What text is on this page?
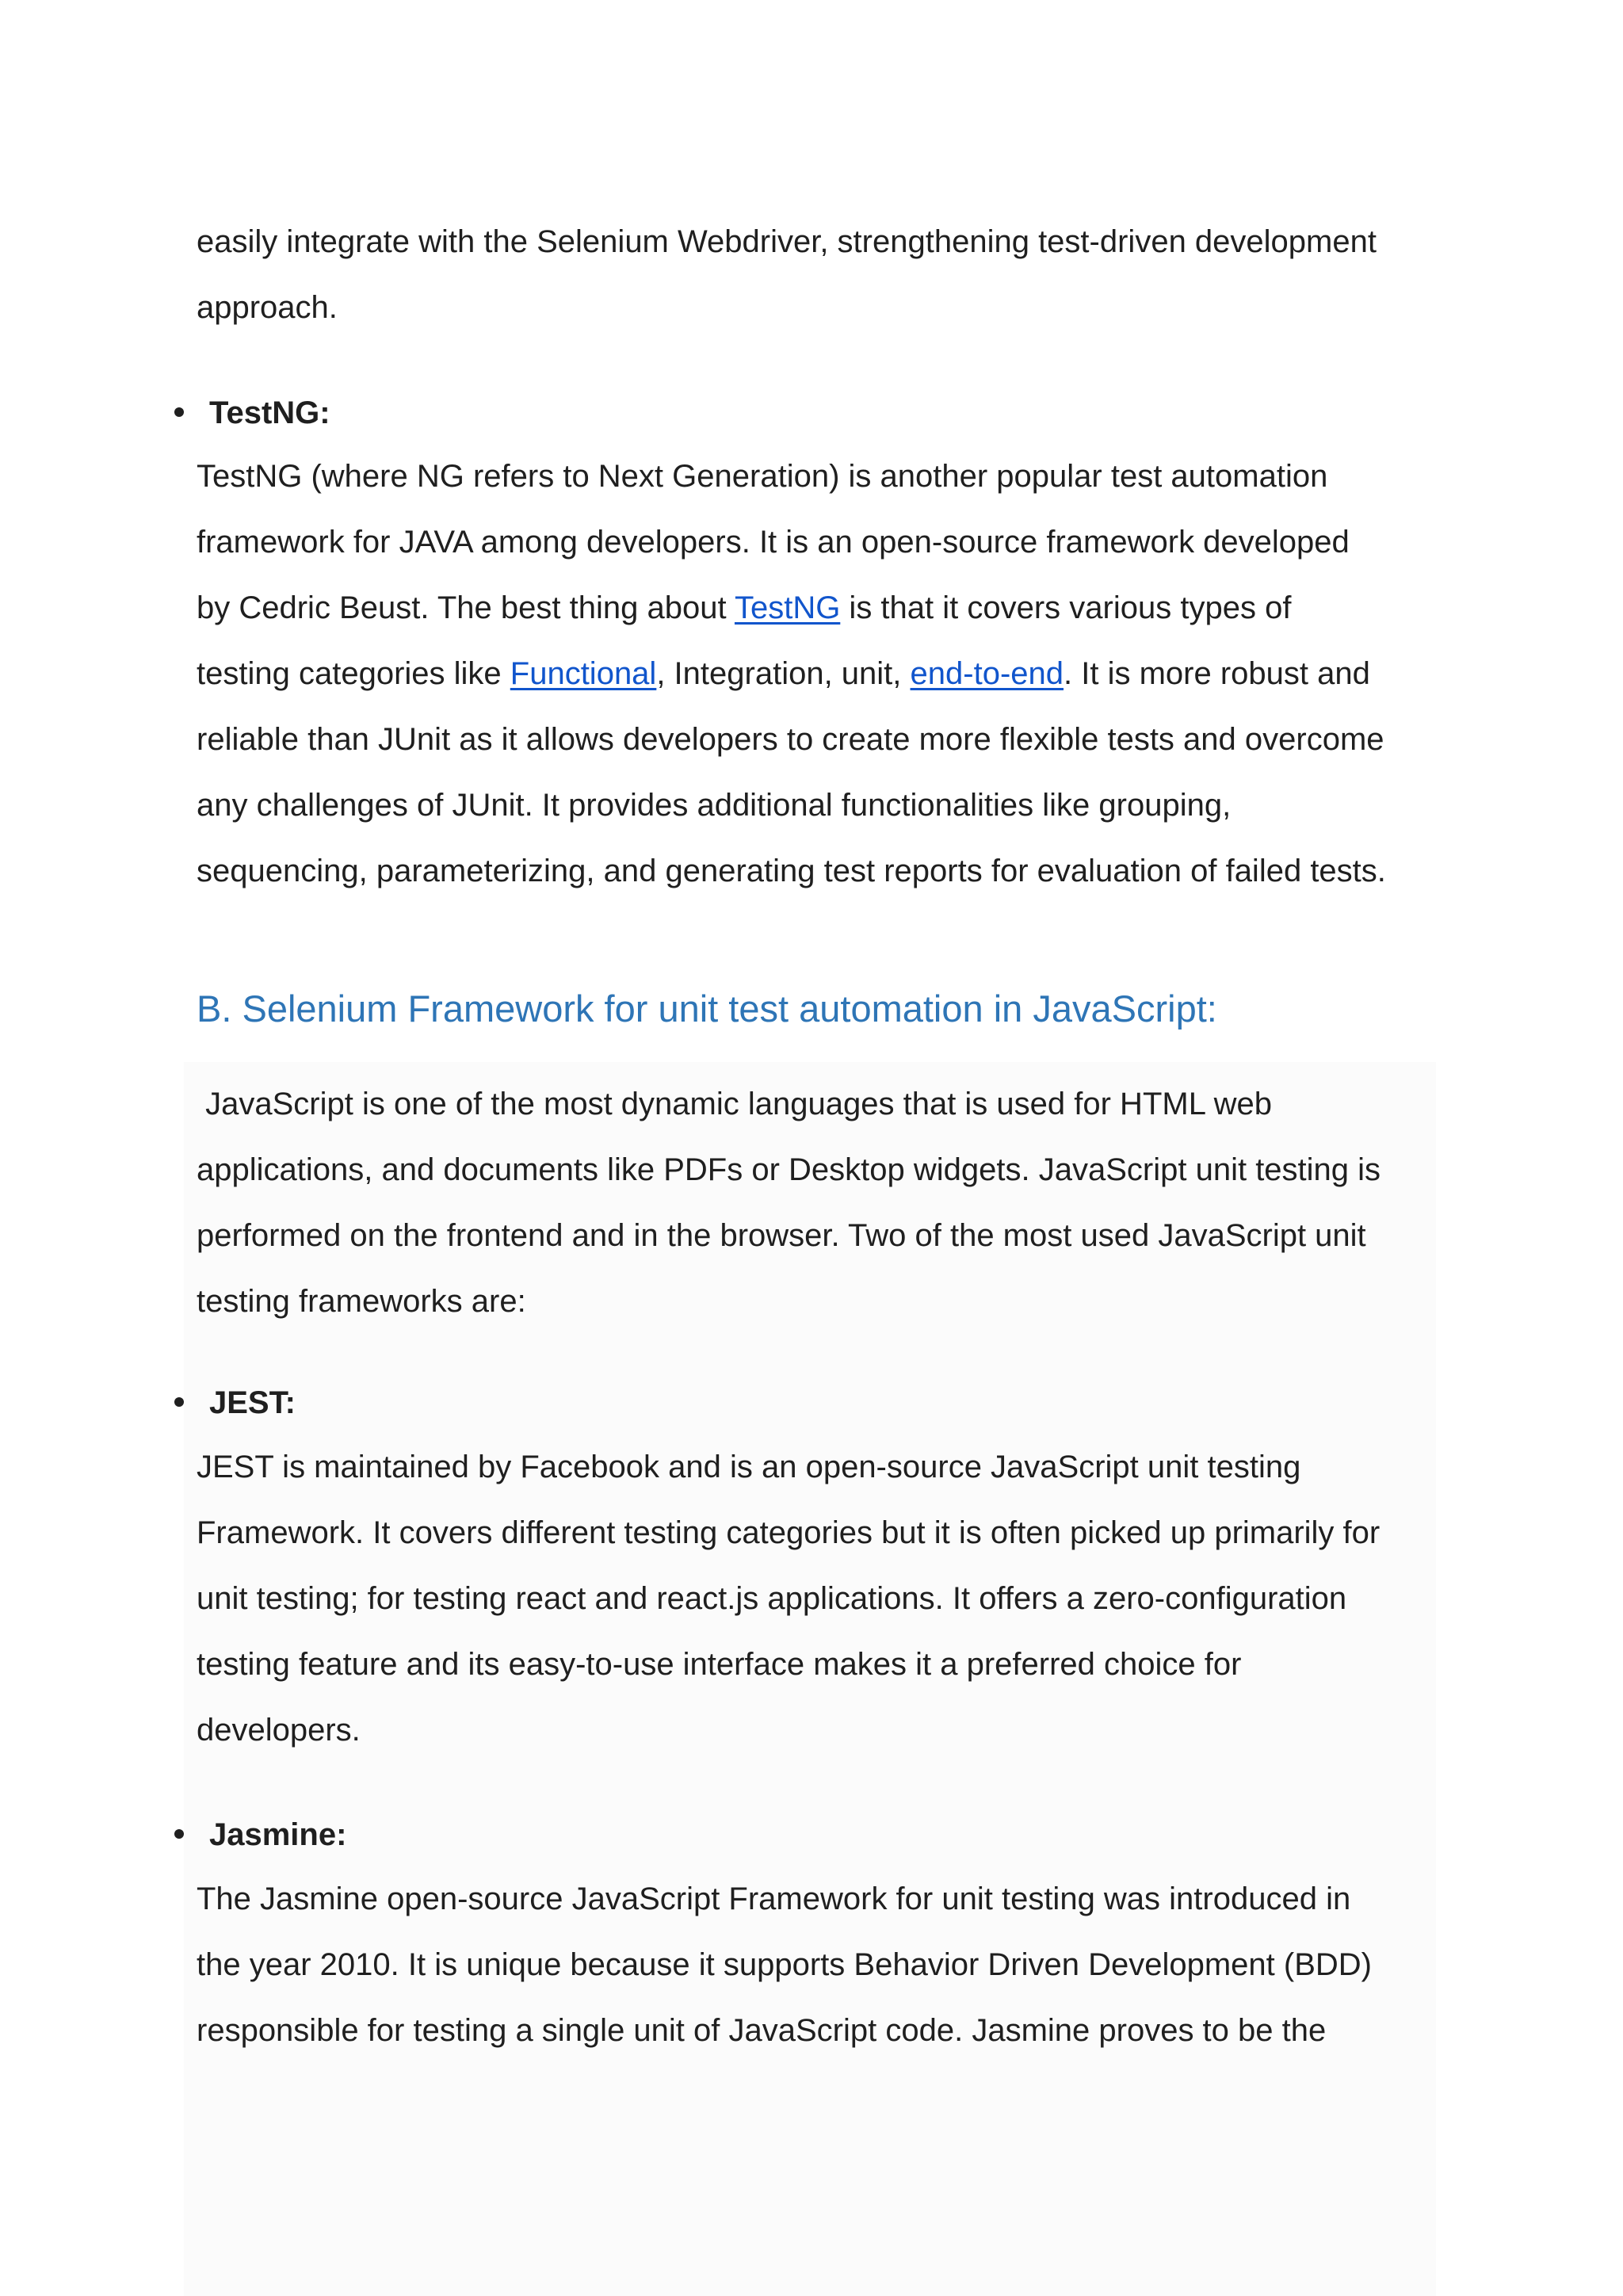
easily integrate with the Selenium Webdriver, strengthening test-driven development
approach.
TestNG:
TestNG (where NG refers to Next Generation) is another popular test automation
framework for JAVA among developers. It is an open-source framework developed
by Cedric Beust. The best thing about TestNG is that it covers various types of
testing categories like Functional, Integration, unit, end-to-end. It is more robust and
reliable than JUnit as it allows developers to create more flexible tests and overcome
any challenges of JUnit. It provides additional functionalities like grouping,
sequencing, parameterizing, and generating test reports for evaluation of failed tests.
B. Selenium Framework for unit test automation in JavaScript:
JavaScript is one of the most dynamic languages that is used for HTML web
applications, and documents like PDFs or Desktop widgets. JavaScript unit testing is
performed on the frontend and in the browser. Two of the most used JavaScript unit
testing frameworks are:
JEST:
JEST is maintained by Facebook and is an open-source JavaScript unit testing
Framework. It covers different testing categories but it is often picked up primarily for
unit testing; for testing react and react.js applications. It offers a zero-configuration
testing feature and its easy-to-use interface makes it a preferred choice for
developers.
Jasmine:
The Jasmine open-source JavaScript Framework for unit testing was introduced in
the year 2010. It is unique because it supports Behavior Driven Development (BDD)
responsible for testing a single unit of JavaScript code. Jasmine proves to be the
